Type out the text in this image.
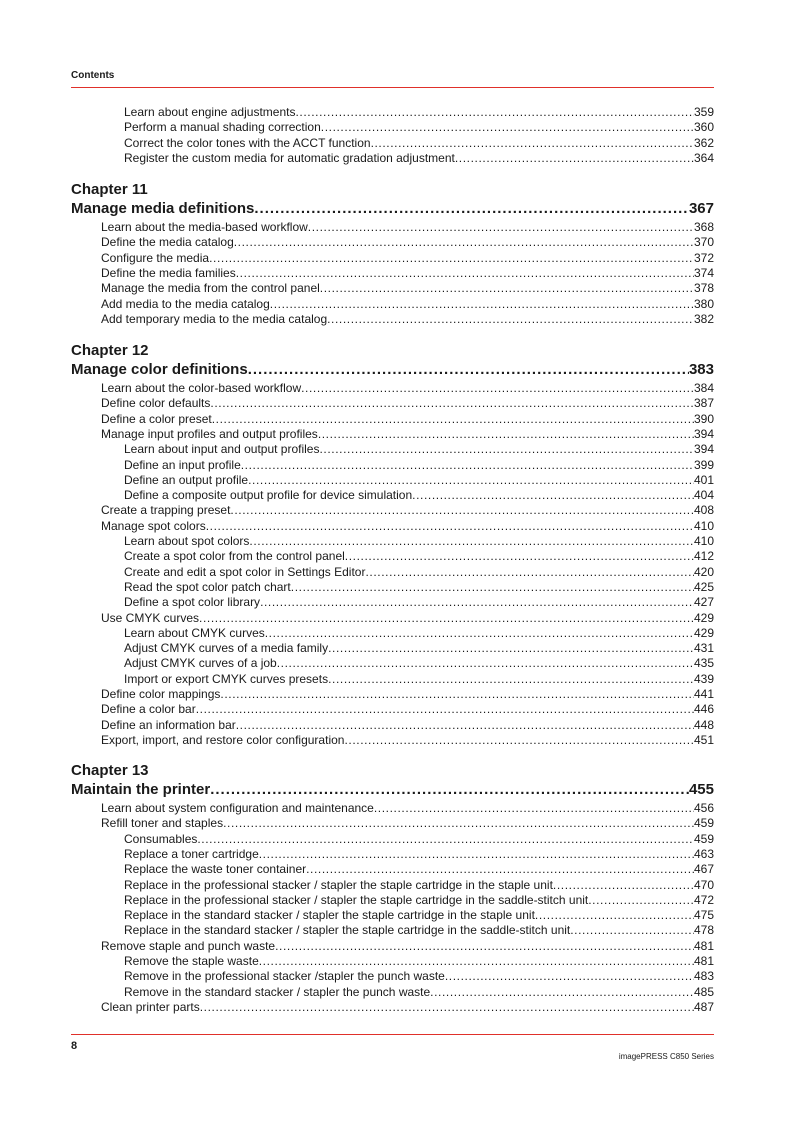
Contents
Learn about engine adjustments .....	359
Perform a manual shading correction .....	360
Correct the color tones with the ACCT function .....	362
Register the custom media for automatic gradation adjustment .....	364
Chapter 11
Manage media definitions .....	367
Learn about the media-based workflow .....	368
Define the media catalog .....	370
Configure the media .....	372
Define the media families .....	374
Manage the media from the control panel .....	378
Add media to the media catalog .....	380
Add temporary media to the media catalog .....	382
Chapter 12
Manage color definitions .....	383
Learn about the color-based workflow .....	384
Define color defaults .....	387
Define a color preset .....	390
Manage input profiles and output profiles .....	394
Learn about input and output profiles .....	394
Define an input profile .....	399
Define an output profile .....	401
Define a composite output profile for device simulation .....	404
Create a trapping preset .....	408
Manage spot colors .....	410
Learn about spot colors .....	410
Create a spot color from the control panel .....	412
Create and edit a spot color in Settings Editor .....	420
Read the spot color patch chart .....	425
Define a spot color library .....	427
Use CMYK curves .....	429
Learn about CMYK curves .....	429
Adjust CMYK curves of a media family .....	431
Adjust CMYK curves of a job .....	435
Import or export CMYK curves presets .....	439
Define color mappings .....	441
Define a color bar .....	446
Define an information bar .....	448
Export, import, and restore color configuration .....	451
Chapter 13
Maintain the printer .....	455
Learn about system configuration and maintenance .....	456
Refill toner and staples .....	459
Consumables .....	459
Replace a toner cartridge .....	463
Replace the waste toner container .....	467
Replace in the professional stacker / stapler the staple cartridge in the staple unit .....	470
Replace in the professional stacker / stapler the staple cartridge in the saddle-stitch unit .....	472
Replace in the standard stacker / stapler the staple cartridge in the staple unit .....	475
Replace in the standard stacker / stapler the staple cartridge in the saddle-stitch unit .....	478
Remove staple and punch waste .....	481
Remove the staple waste .....	481
Remove in the professional stacker /stapler the punch waste .....	483
Remove in the standard stacker / stapler the punch waste .....	485
Clean printer parts .....	487
8
imagePRESS C850 Series
